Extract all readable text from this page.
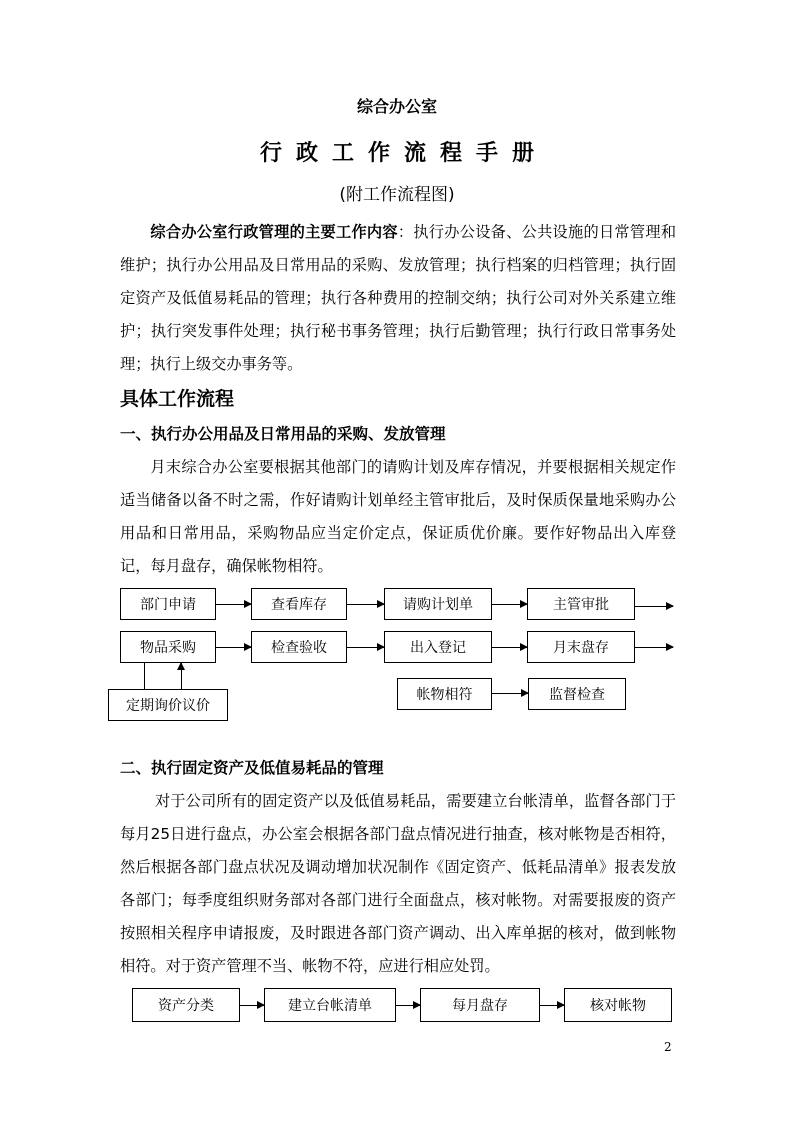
综合办公室
行政工作流程手册
(附工作流程图)
综合办公室行政管理的主要工作内容：执行办公设备、公共设施的日常管理和维护；执行办公用品及日常用品的采购、发放管理；执行档案的归档管理；执行固定资产及低值易耗品的管理；执行各种费用的控制交纳；执行公司对外关系建立维护；执行突发事件处理；执行秘书事务管理；执行后勤管理；执行行政日常事务处理；执行上级交办事务等。
具体工作流程
一、执行办公用品及日常用品的采购、发放管理
月末综合办公室要根据其他部门的请购计划及库存情况，并要根据相关规定作适当储备以备不时之需，作好请购计划单经主管审批后，及时保质保量地采购办公用品和日常用品，采购物品应当定价定点，保证质优价廉。要作好物品出入库登记，每月盘存，确保帐物相符。
部门申请	查看库存	请购计划单	主管审批
物品采购	检查验收	出入登记	月末盘存
定期询价议价
帐物相符	监督检查
二、执行固定资产及低值易耗品的管理
对于公司所有的固定资产以及低值易耗品，需要建立台帐清单，监督各部门于每月25日进行盘点，办公室会根据各部门盘点情况进行抽查，核对帐物是否相符，然后根据各部门盘点状况及调动增加状况制作《固定资产、低耗品清单》报表发放各部门；每季度组织财务部对各部门进行全面盘点，核对帐物。对需要报废的资产按照相关程序申请报废，及时跟进各部门资产调动、出入库单据的核对，做到帐物相符。对于资产管理不当、帐物不符，应进行相应处罚。
资产分类	建立台帐清单	每月盘存	核对帐物
2
